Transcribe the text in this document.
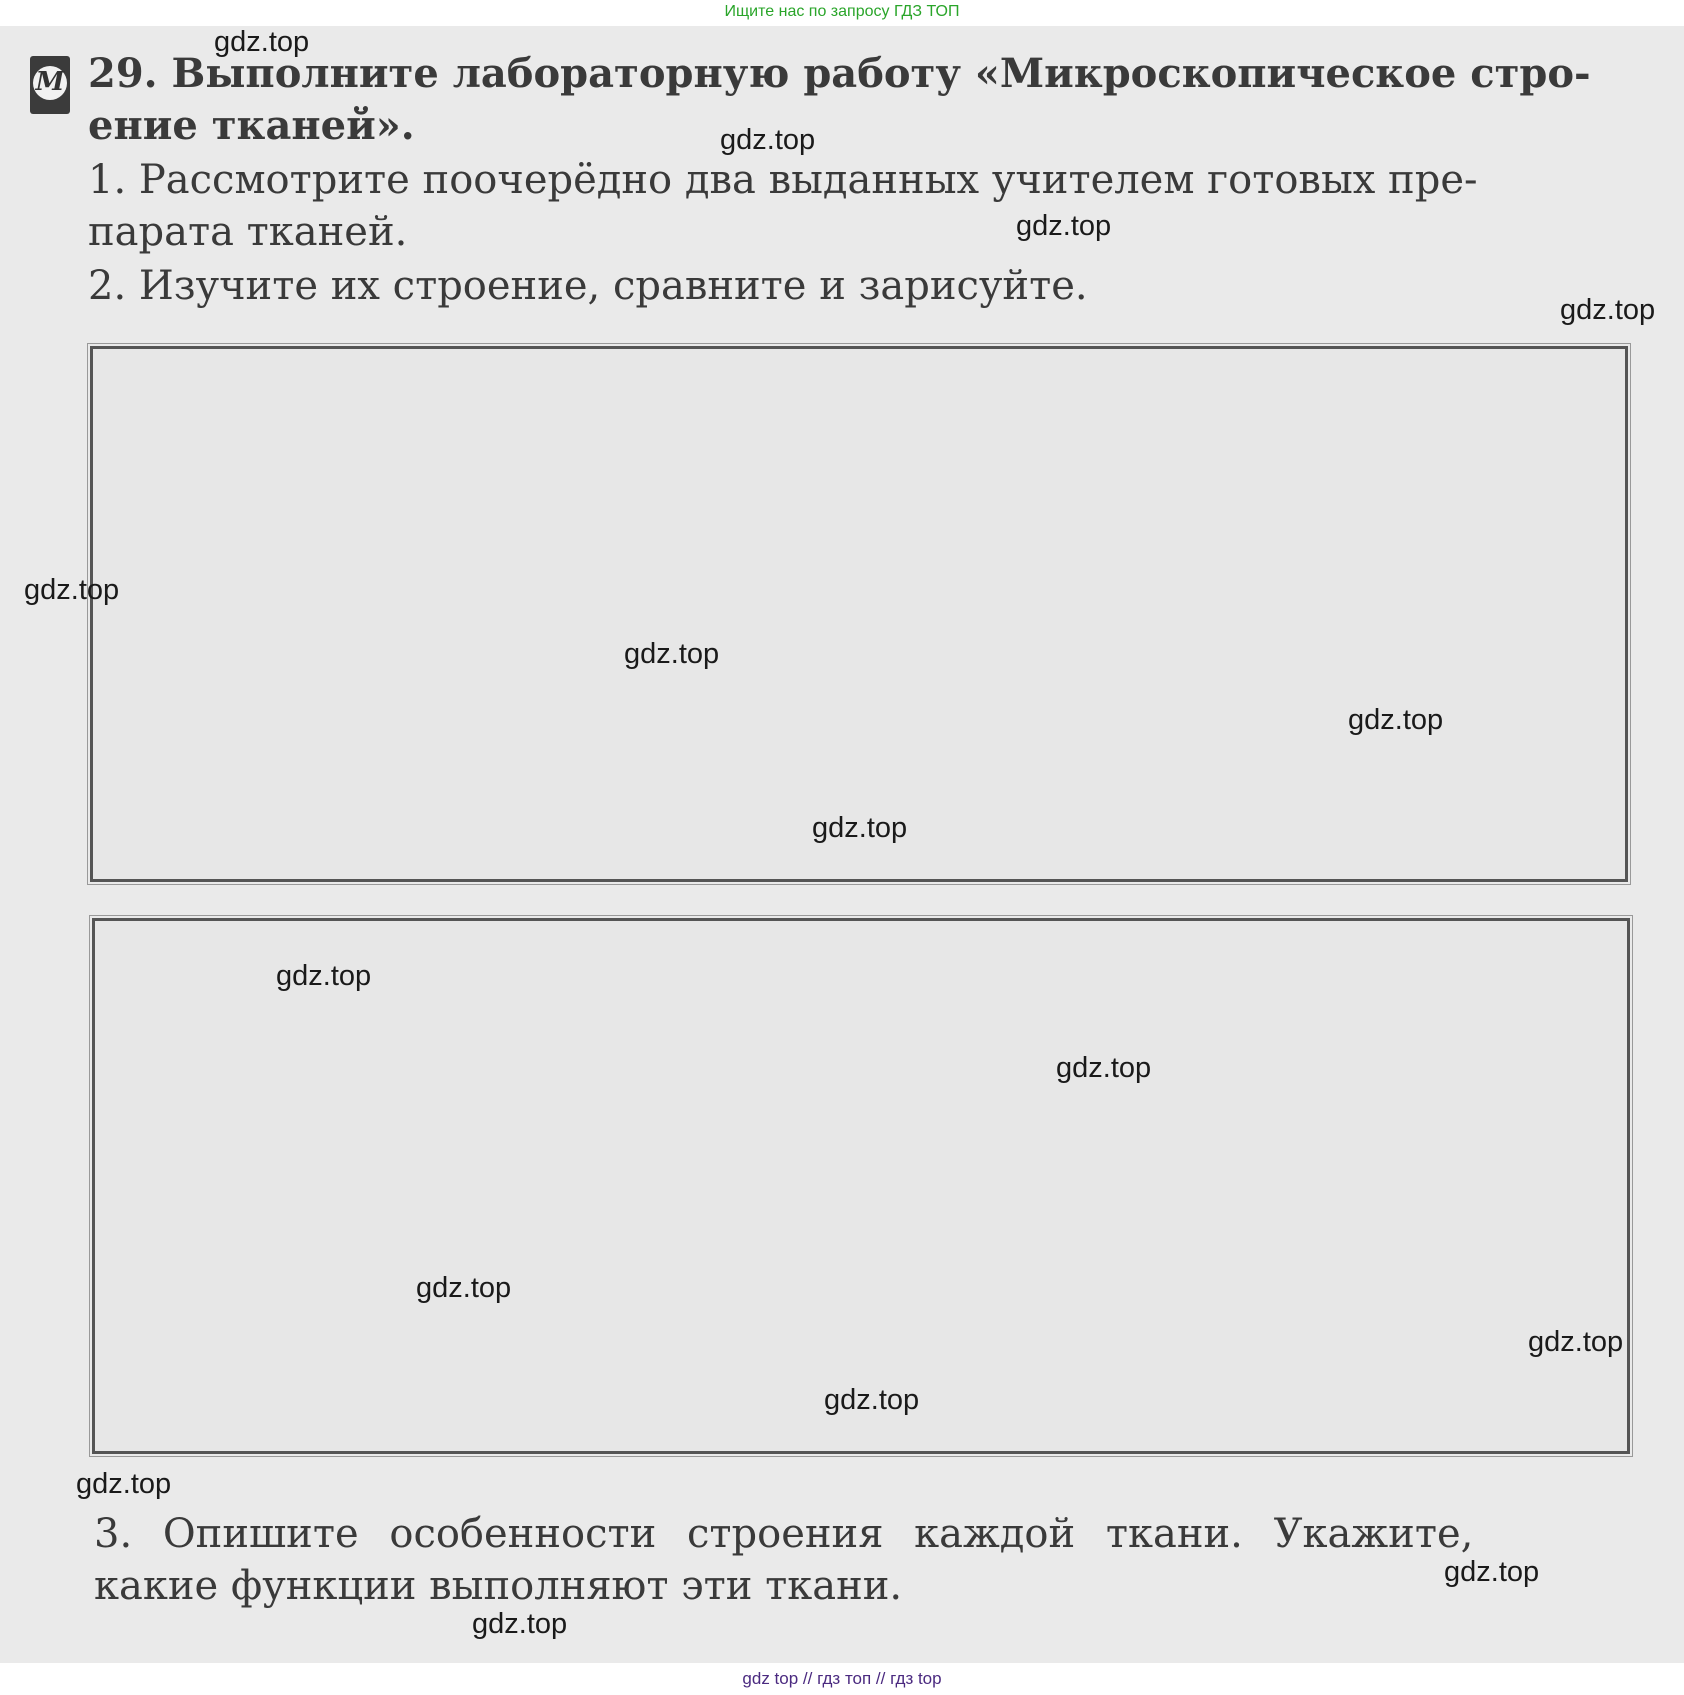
Ищите нас по запросу ГДЗ ТОП
М 29. Выполните лабораторную работу «Микроскопическое стро-
ение тканей».
1. Рассмотрите поочерёдно два выданных учителем готовых пре-
парата тканей.
2. Изучите их строение, сравните и зарисуйте.
3. Опишите особенности строения каждой ткани. Укажите,
какие функции выполняют эти ткани.
gdz.top
gdz.top
gdz.top
gdz.top
gdz.top
gdz.top
gdz.top
gdz.top
gdz.top
gdz.top
gdz.top
gdz.top
gdz.top
gdz.top
gdz.top
gdz.top
gdz top // гдз топ // гдз top
